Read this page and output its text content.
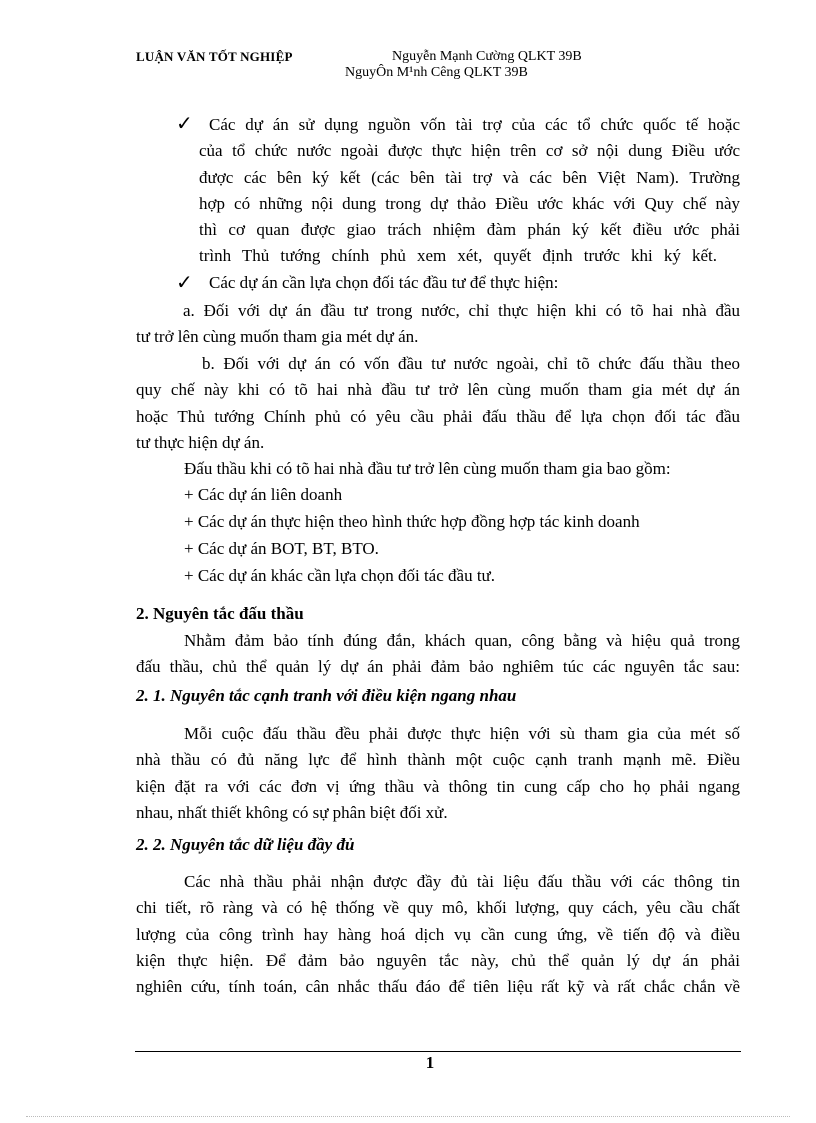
LUẬN VĂN TỐT NGHIỆP	Nguyễn Mạnh Cường QLKT 39B
NguyÔn M¹nh Cêng QLKT 39B
✓ Các dự án sử dụng nguồn vốn tài trợ của các tổ chức quốc tế hoặc
của tổ chức nước ngoài được thực hiện trên cơ sở nội dung Điều ước
được các bên ký kết (các bên tài trợ và các bên Việt Nam). Trường
hợp có những nội dung trong dự thảo Điều ước khác với Quy chế này
thì cơ quan được giao trách nhiệm đàm phán ký kết điều ước phải
trình Thủ tướng chính phủ xem xét, quyết định trước khi ký kết.
✓ Các dự án cần lựa chọn đối tác đầu tư để thực hiện:
a. Đối với dự án đầu tư trong nước, chỉ thực hiện khi có tõ hai nhà đầu
tư trở lên cùng muốn tham gia mét dự án.
b. Đối với dự án có vốn đầu tư nước ngoài, chỉ tõ chức đấu thầu theo
quy chế này khi có tõ hai nhà đầu tư trở lên cùng muốn tham gia mét dự án
hoặc Thủ tướng Chính phủ có yêu cầu phải đấu thầu để lựa chọn đối tác đầu
tư thực hiện dự án.
Đấu thầu khi có tõ hai nhà đầu tư trở lên cùng muốn tham gia bao gồm:
+ Các dự án liên doanh
+ Các dự án thực hiện theo hình thức hợp đồng hợp tác kinh doanh
+ Các dự án BOT, BT, BTO.
+ Các dự án khác cần lựa chọn đối tác đầu tư.
2. Nguyên tắc đấu thầu
Nhằm đảm bảo tính đúng đắn, khách quan, công bằng và hiệu quả trong
đấu thầu, chủ thể quản lý dự án phải đảm bảo nghiêm túc các nguyên tắc sau:
2. 1. Nguyên tắc cạnh tranh với điều kiện ngang nhau
Mỗi cuộc đấu thầu đều phải được thực hiện với sù tham gia của mét số
nhà thầu có đủ năng lực để hình thành một cuộc cạnh tranh mạnh mẽ. Điều
kiện đặt ra với các đơn vị ứng thầu và thông tin cung cấp cho họ phải ngang
nhau, nhất thiết không có sự phân biệt đối xử.
2. 2. Nguyên tắc dữ liệu đầy đủ
Các nhà thầu phải nhận được đầy đủ tài liệu đấu thầu với các thông tin
chi tiết, rõ ràng và có hệ thống về quy mô, khối lượng, quy cách, yêu cầu chất
lượng của công trình hay hàng hoá dịch vụ cần cung ứng, về tiến độ và điều
kiện thực hiện. Để đảm bảo nguyên tắc này, chủ thể quản lý dự án phải
nghiên cứu, tính toán, cân nhắc thấu đáo để tiên liệu rất kỹ và rất chắc chắn về
1
